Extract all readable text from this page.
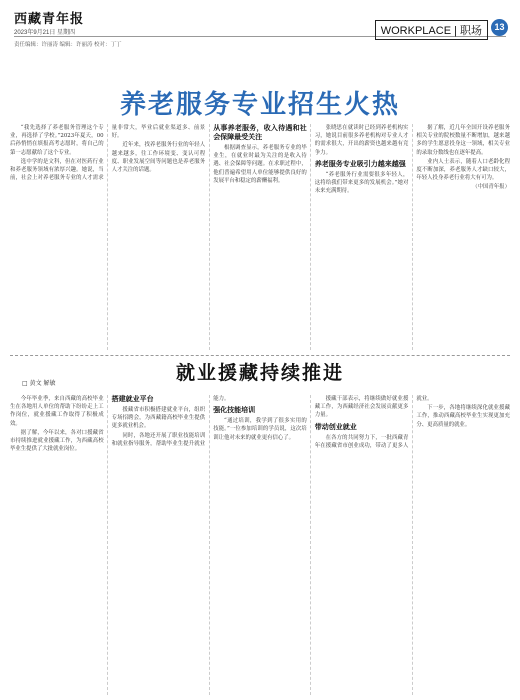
西藏青年报
2023年9月21日 星期四
责任编辑：许丽涛 编辑：许丽涛 校对：丁丁
WORKPLACE | 职场	13
养老服务专业招生火热

“我先选择了养老服务管理这个专业，再选择了学校。”2023年夏天，00后孙悄悄在填报高考志愿时，将自己的第一志愿献给了这个专业。

选中学的是文科，但在对医药行业和养老服务领域有浓厚兴趣。她说，当前，社会上对养老服务专业的人才需求量非常大，毕业后就业渠道多、前景好。

近年来，找养老服务行业的年轻人越来越多，往工作环境变、变认可程度、职业发展空间等问题也是养老服务人才关注的话题。

从事养老服务，收入待遇和社会保障最受关注

根据调查显示，养老服务专业的毕业生，在就业时最为关注的是收入待遇、社会保障等问题。在求职过程中，他们普遍希望用人单位能够提供良好的发展平台和稳定的薪酬福利。

张晓思在就读时已经到养老机构实习，她说目前很多养老机构对专业人才的需求很大，开出的薪资也越来越有竞争力。

养老服务专业吸引力越来越强

“养老服务行业需要很多年轻人，这将给我们带来更多的发展机会。”她对未来充满期待。

据了解，近几年全国开设养老服务相关专业的院校数量不断增加，越来越多的学生愿意投身这一领域，相关专业的录取分数线也在逐年提高。

业内人士表示，随着人口老龄化程度不断加深，养老服务人才缺口较大，年轻人投身养老行业将大有可为。

（中国青年报）

就业援藏持续推进
□ 黄文 解敏

今年毕业季，来自西藏的高校毕业生在各地用人单位的帮助下纷纷走上工作岗位，就业援藏工作取得了积极成效。

据了解，今年以来，各对口援藏省市持续推进就业援藏工作，为西藏高校毕业生提供了大批就业岗位。

搭建就业平台

援藏省市积极搭建就业平台，组织专场招聘会，为西藏籍高校毕业生提供更多就业机会。

同时，各地还开展了职业技能培训和就业指导服务，帮助毕业生提升就业能力。

强化技能培训

“通过培训，我学到了很多实用的技能。”一位参加培训的学员说，这次培训让他对未来的就业更有信心了。

援藏干部表示，将继续做好就业援藏工作，为西藏经济社会发展贡献更多力量。

带动创业就业

在各方的共同努力下，一批西藏青年在援藏省市创业成功，带动了更多人就业。

下一步，各地将继续深化就业援藏工作，推动西藏高校毕业生实现更加充分、更高质量的就业。
